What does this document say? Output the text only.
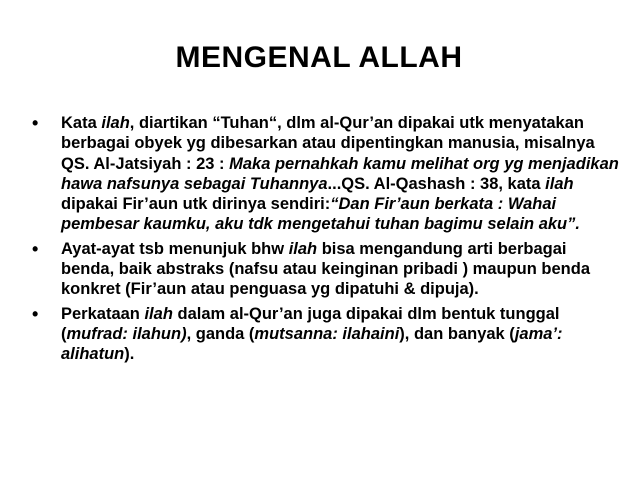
MENGENAL ALLAH
• Kata ilah, diartikan “Tuhan“, dlm al-Qur’an dipakai utk menyatakan berbagai obyek yg dibesarkan atau dipentingkan manusia, misalnya QS. Al-Jatsiyah : 23 : Maka pernahkah kamu melihat org yg menjadikan hawa nafsunya sebagai Tuhannya...QS. Al-Qashash : 38, kata ilah dipakai Fir’aun utk dirinya sendiri:“Dan Fir’aun berkata : Wahai pembesar kaumku, aku tdk mengetahui tuhan bagimu selain aku”.
• Ayat-ayat tsb menunjuk bhw ilah bisa mengandung arti berbagai benda, baik abstraks (nafsu atau keinginan pribadi ) maupun benda konkret (Fir’aun atau penguasa yg dipatuhi & dipuja).
• Perkataan ilah dalam al-Qur’an juga dipakai dlm bentuk tunggal (mufrad: ilahun), ganda (mutsanna: ilahaini), dan banyak (jama’: alihatun).
